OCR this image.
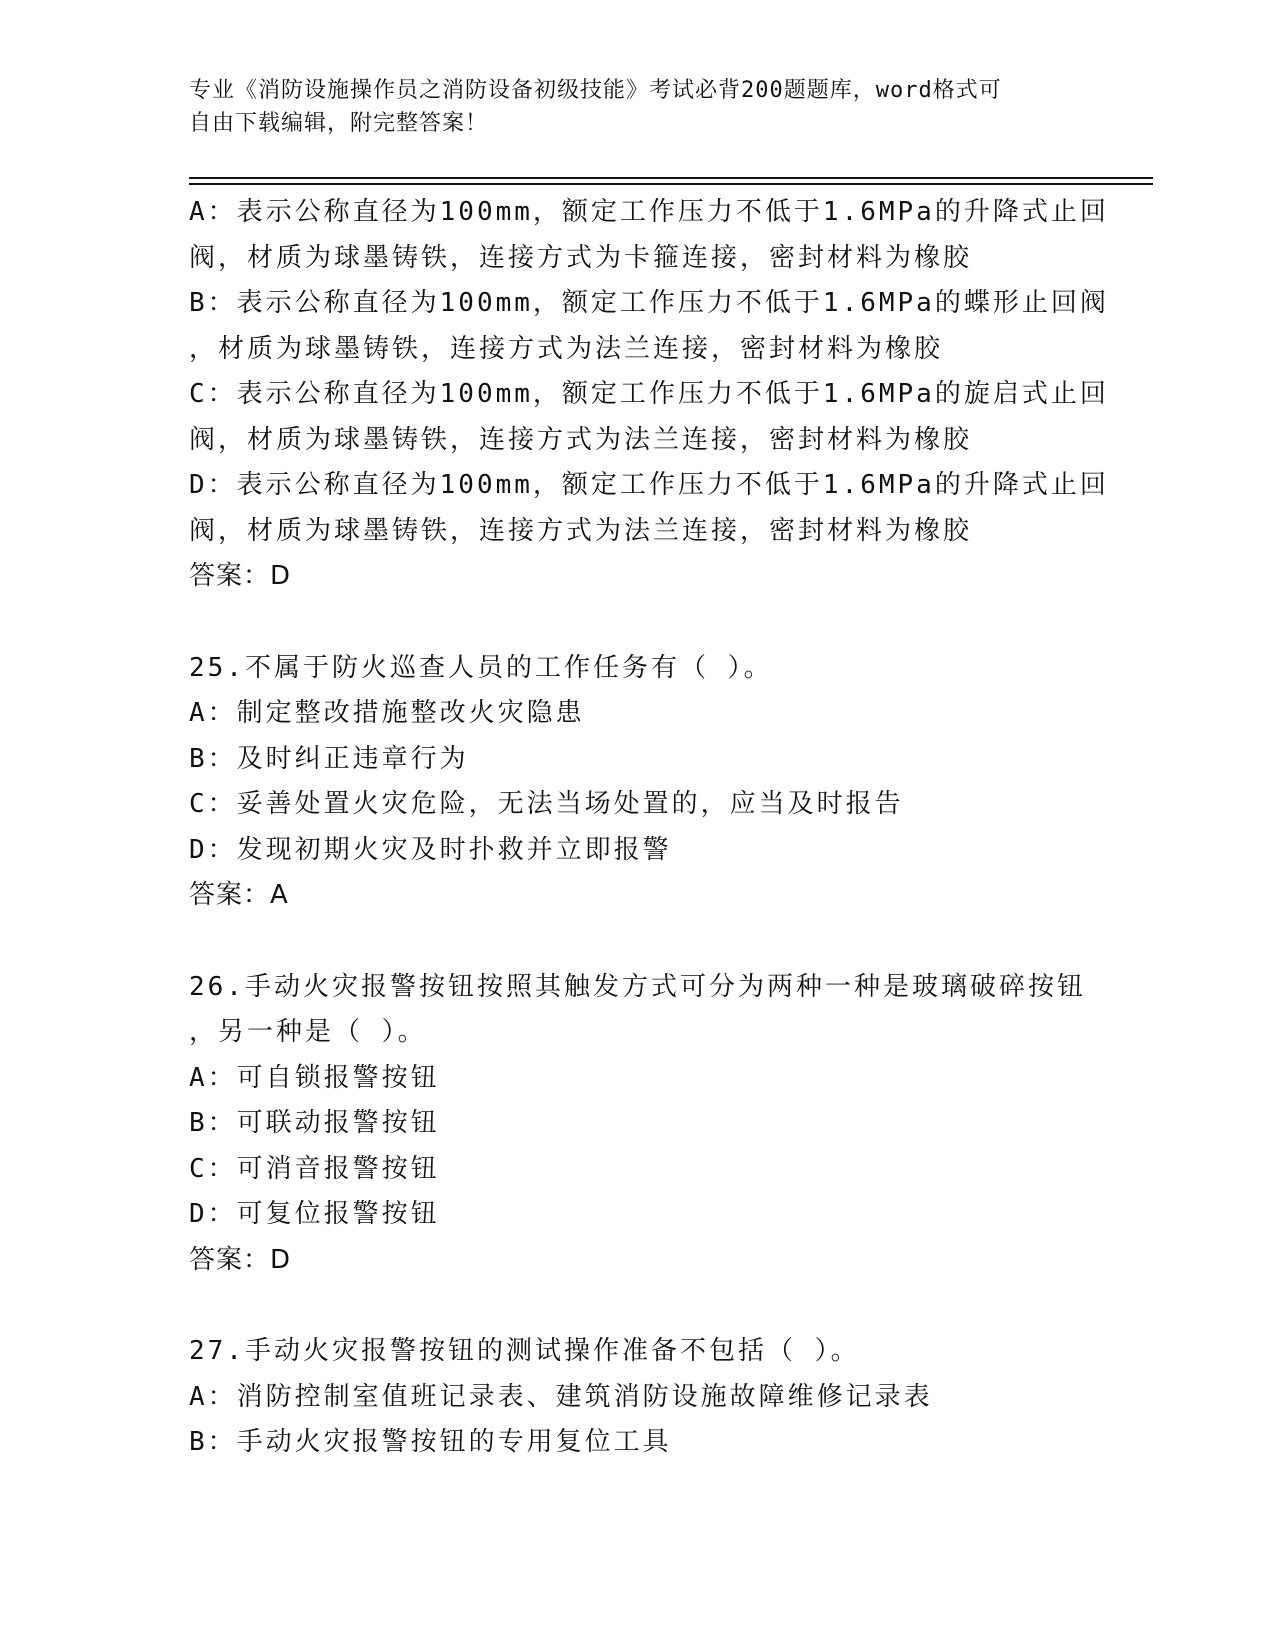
专业《消防设施操作员之消防设备初级技能》考试必背200题题库，word格式可
自由下载编辑，附完整答案！
A：表示公称直径为100mm，额定工作压力不低于1.6MPa的升降式止回
阀，材质为球墨铸铁，连接方式为卡箍连接，密封材料为橡胶
B：表示公称直径为100mm，额定工作压力不低于1.6MPa的蝶形止回阀
，材质为球墨铸铁，连接方式为法兰连接，密封材料为橡胶
C：表示公称直径为100mm，额定工作压力不低于1.6MPa的旋启式止回
阀，材质为球墨铸铁，连接方式为法兰连接，密封材料为橡胶
D：表示公称直径为100mm，额定工作压力不低于1.6MPa的升降式止回
阀，材质为球墨铸铁，连接方式为法兰连接，密封材料为橡胶
答案：D
25.不属于防火巡查人员的工作任务有（ ）。
A：制定整改措施整改火灾隐患
B：及时纠正违章行为
C：妥善处置火灾危险，无法当场处置的，应当及时报告
D：发现初期火灾及时扑救并立即报警
答案：A
26.手动火灾报警按钮按照其触发方式可分为两种一种是玻璃破碎按钮
，另一种是（ ）。
A：可自锁报警按钮
B：可联动报警按钮
C：可消音报警按钮
D：可复位报警按钮
答案：D
27.手动火灾报警按钮的测试操作准备不包括（ ）。
A：消防控制室值班记录表、建筑消防设施故障维修记录表
B：手动火灾报警按钮的专用复位工具
